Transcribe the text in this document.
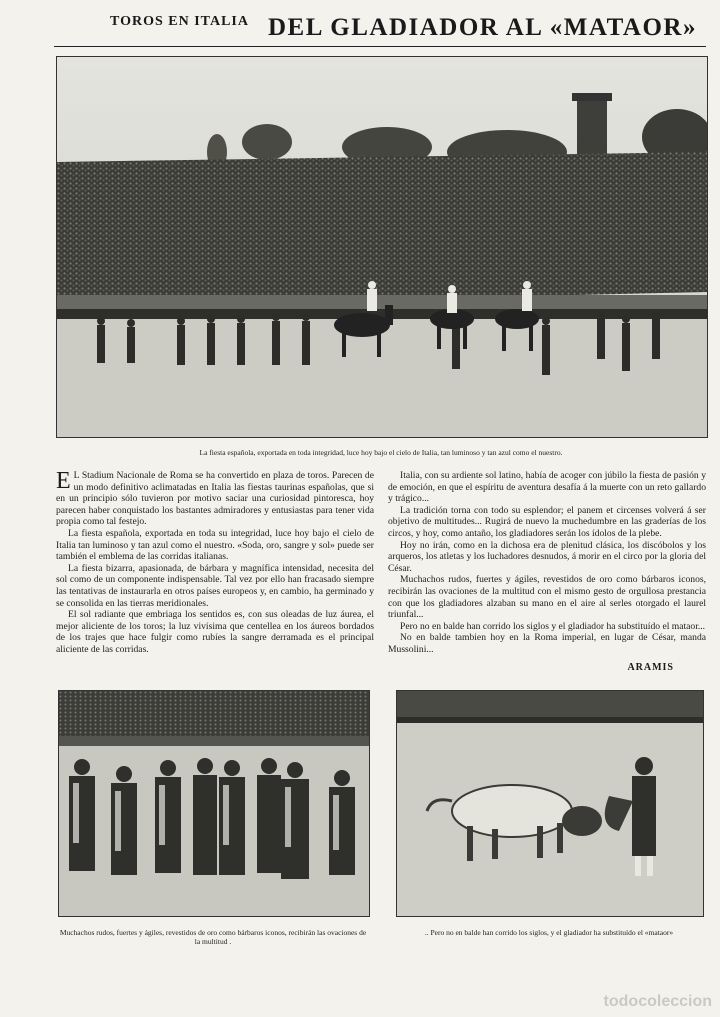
TOROS EN ITALIA DEL GLADIADOR AL «MATAOR»
La fiesta española, exportada en toda integridad, luce hoy bajo el cielo de Italia, tan luminoso y tan azul como el nuestro.

E L Stadium Nacionale de Roma se ha convertido en plaza de toros. Parecen de un modo definitivo aclimatadas en Italia las fiestas taurinas españolas, que si en un principio sólo tuvieron por motivo saciar una curiosidad pintoresca, hoy parecen haber conquistado los bastantes admiradores y entusiastas para tener vida propia como tal festejo.

La fiesta española, exportada en toda su integridad, luce hoy bajo el cielo de Italia tan luminoso y tan azul como el nuestro. «Soda, oro, sangre y sol» puede ser también el emblema de las corridas italianas.

La fiesta bizarra, apasionada, de bárbara y magnífica intensidad, necesita del sol como de un componente indispensable. Tal vez por ello han fracasado siempre las tentativas de instaurarla en otros países europeos y, en cambio, ha germinado y se consolida en las tierras meridionales.

El sol radiante que embriaga los sentidos es, con sus oleadas de luz áurea, el mejor aliciente de los toros; la luz vivísima que centellea en los áureos bordados de los trajes que hace fulgir como rubíes la sangre derramada es el principal aliciente de las corridas.

Italia, con su ardiente sol latino, había de acoger con júbilo la fiesta de pasión y de emoción, en que el espíritu de aventura desafía á la muerte con un reto gallardo y trágico...

La tradición torna con todo su esplendor; el panem et circenses volverá á ser objetivo de multitudes... Rugirá de nuevo la muchedumbre en las graderías de los circos, y hoy, como antaño, los gladiadores serán los ídolos de la plebe.

Hoy no irán, como en la dichosa era de plenitud clásica, los discóbolos y los arqueros, los atletas y los luchadores desnudos, á morir en el circo por la gloria del César.

Muchachos rudos, fuertes y ágiles, revestidos de oro como bárbaros iconos, recibirán las ovaciones de la multitud con el mismo gesto de orgullosa prestancia con que los gladiadores alzaban su mano en el aire al serles otorgado el laurel triunfal...

Pero no en balde han corrido los siglos y el gladiador ha substituído el mataor...

No en balde tambien hoy en la Roma imperial, en lugar de César, manda Mussolini...

ARAMIS
Muchachos rudos, fuertes y ágiles, revestidos de oro como bárbaros iconos, recibirán las ovaciones de la multitud .
.. Pero no en balde han corrido los siglos, y el gladiador ha substituído el «mataor»
todocoleccion
